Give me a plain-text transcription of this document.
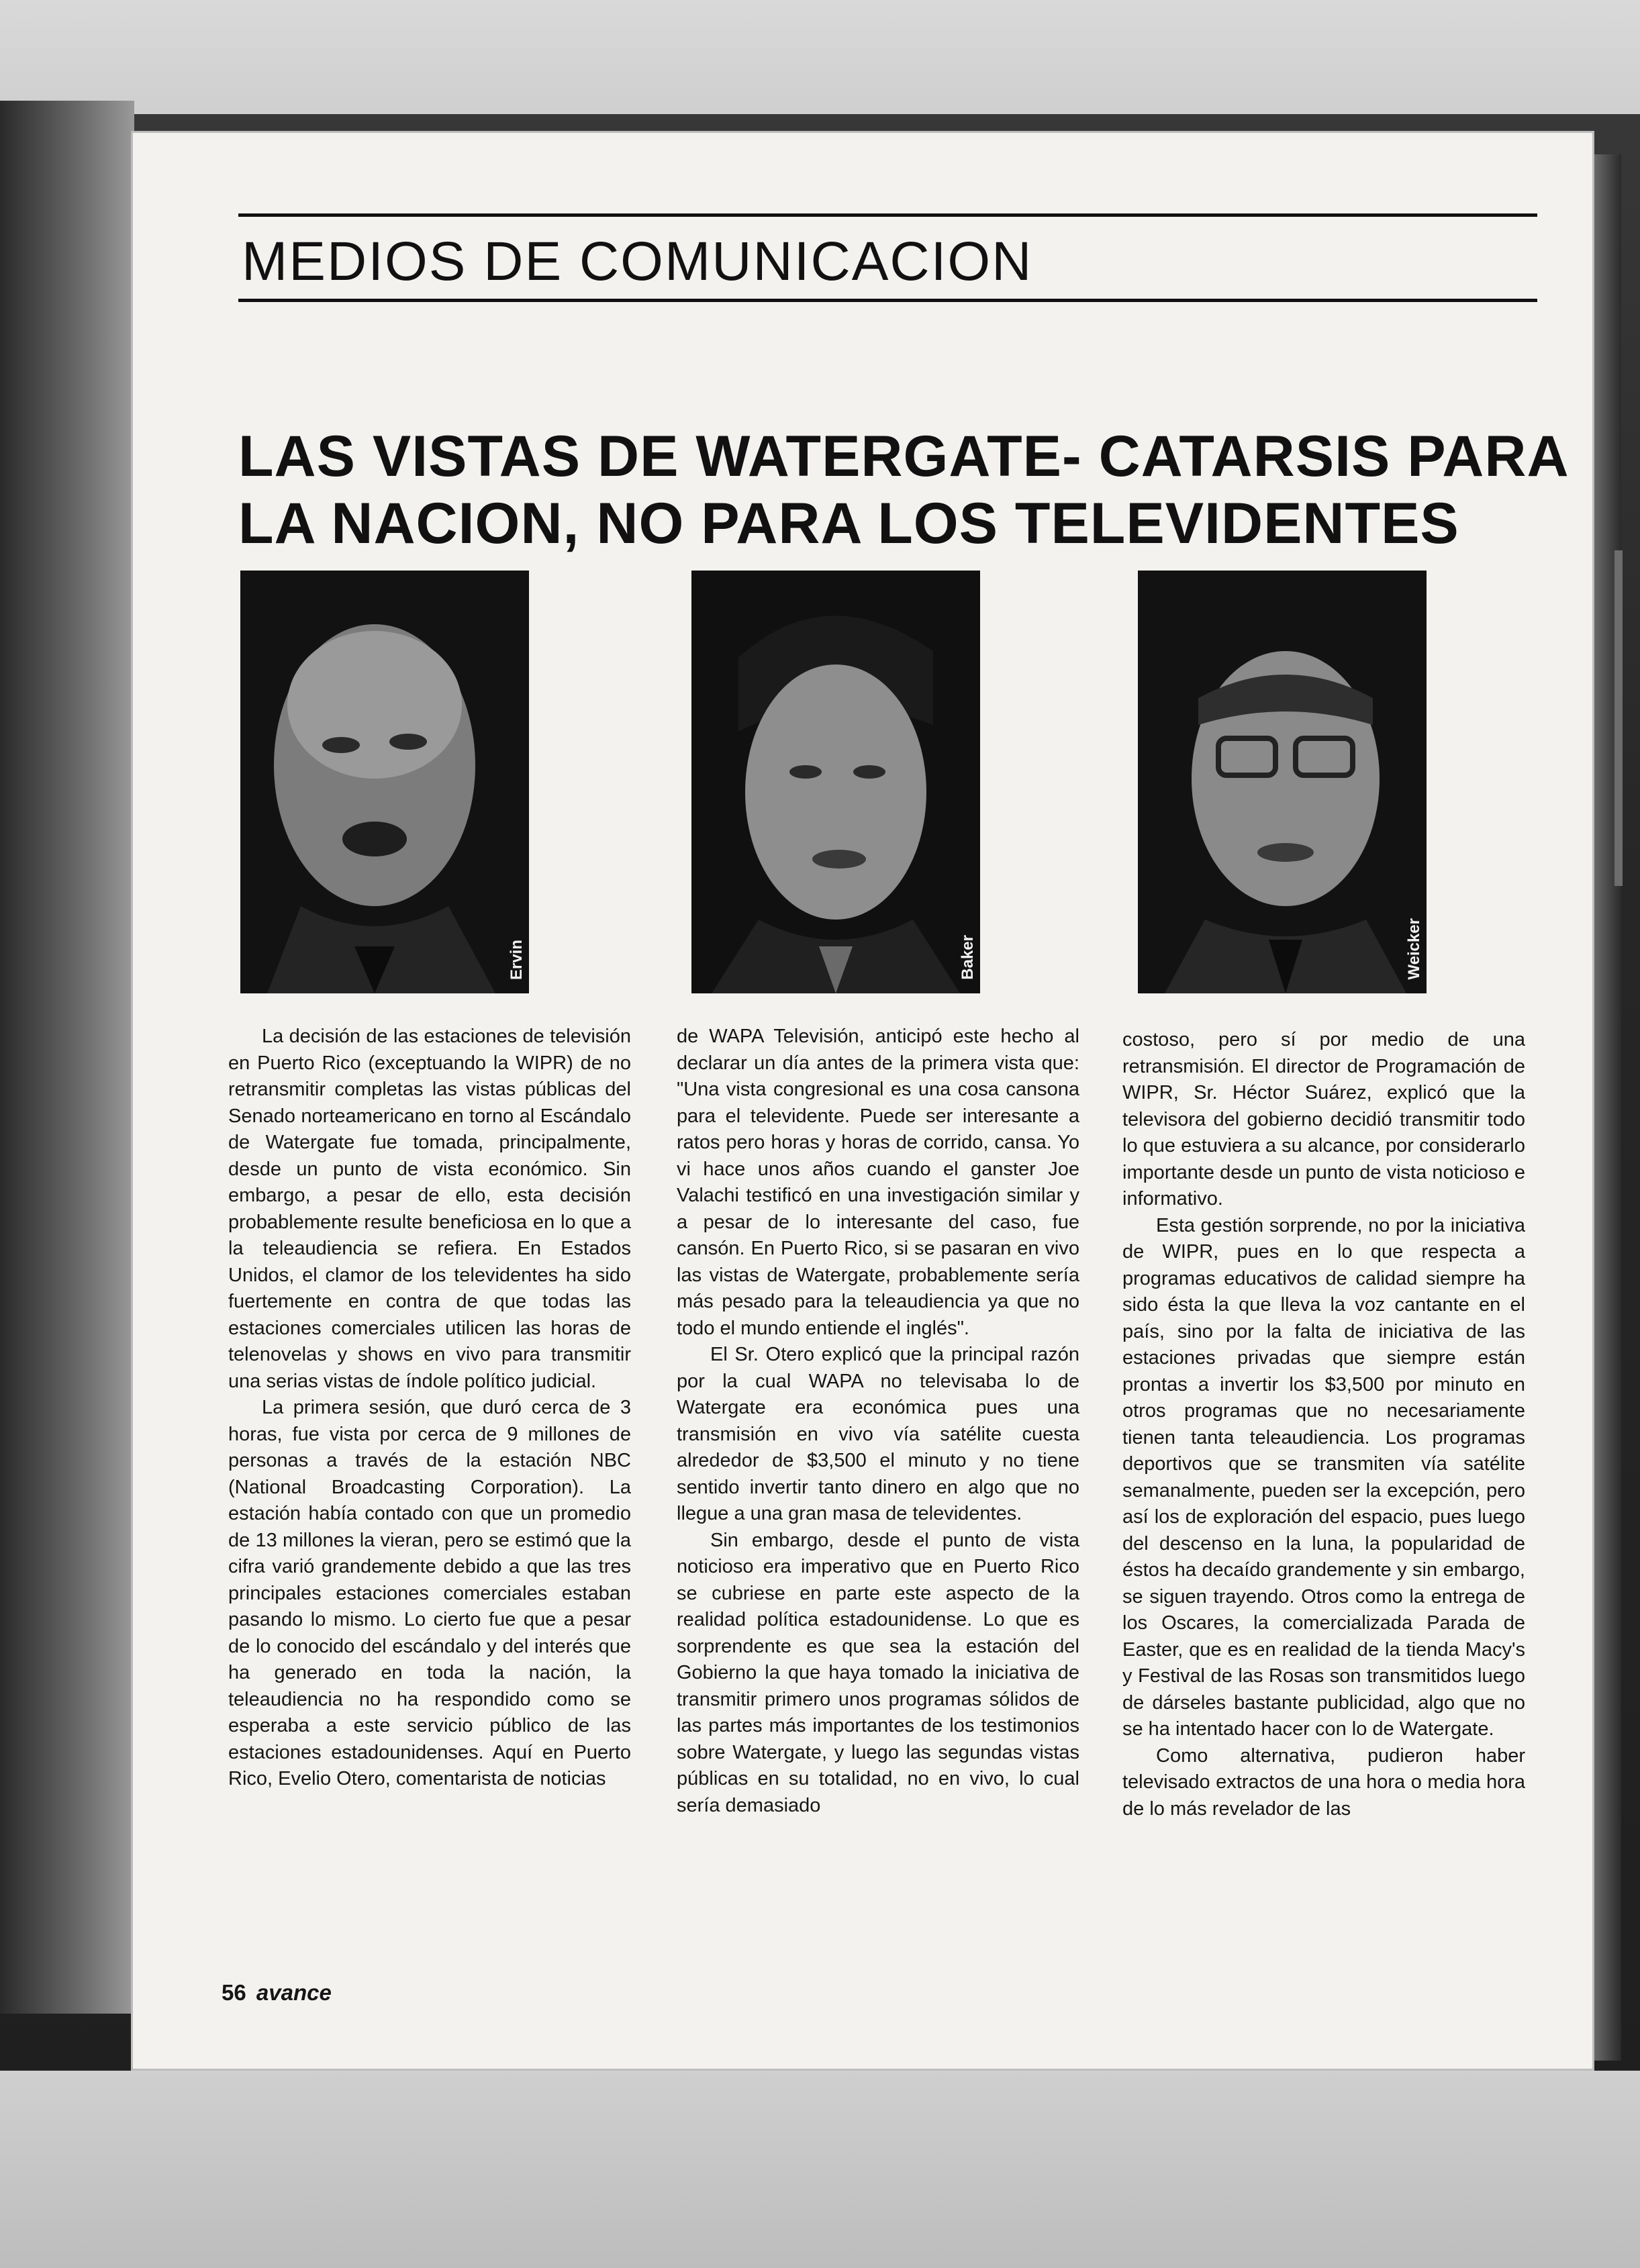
MEDIOS DE COMUNICACION
LAS VISTAS DE WATERGATE- CATARSIS PARA
LA NACION, NO PARA LOS TELEVIDENTES
Ervin	Baker	Weicker

La decisión de las estaciones de televisión en Puerto Rico (exceptuando la WIPR) de no retransmitir completas las vistas públicas del Senado norteamericano en torno al Escándalo de Watergate fue tomada, principalmente, desde un punto de vista económico. Sin embargo, a pesar de ello, esta decisión probablemente resulte beneficiosa en lo que a la teleaudiencia se refiera. En Estados Unidos, el clamor de los televidentes ha sido fuertemente en contra de que todas las estaciones comerciales utilicen las horas de telenovelas y shows en vivo para transmitir una serias vistas de índole político judicial.

La primera sesión, que duró cerca de 3 horas, fue vista por cerca de 9 millones de personas a través de la estación NBC (National Broadcasting Corporation). La estación había contado con que un promedio de 13 millones la vieran, pero se estimó que la cifra varió grandemente debido a que las tres principales estaciones comerciales estaban pasando lo mismo. Lo cierto fue que a pesar de lo conocido del escándalo y del interés que ha generado en toda la nación, la teleaudiencia no ha respondido como se esperaba a este servicio público de las estaciones estadounidenses. Aquí en Puerto Rico, Evelio Otero, comentarista de noticias

de WAPA Televisión, anticipó este hecho al declarar un día antes de la primera vista que: "Una vista congresional es una cosa cansona para el televidente. Puede ser interesante a ratos pero horas y horas de corrido, cansa. Yo vi hace unos años cuando el ganster Joe Valachi testificó en una investigación similar y a pesar de lo interesante del caso, fue cansón. En Puerto Rico, si se pasaran en vivo las vistas de Watergate, probablemente sería más pesado para la teleaudiencia ya que no todo el mundo entiende el inglés".

El Sr. Otero explicó que la principal razón por la cual WAPA no televisaba lo de Watergate era económica pues una transmisión en vivo vía satélite cuesta alrededor de $3,500 el minuto y no tiene sentido invertir tanto dinero en algo que no llegue a una gran masa de televidentes.

Sin embargo, desde el punto de vista noticioso era imperativo que en Puerto Rico se cubriese en parte este aspecto de la realidad política estadounidense. Lo que es sorprendente es que sea la estación del Gobierno la que haya tomado la iniciativa de transmitir primero unos programas sólidos de las partes más importantes de los testimonios sobre Watergate, y luego las segundas vistas públicas en su totalidad, no en vivo, lo cual sería demasiado

costoso, pero sí por medio de una retransmisión. El director de Programación de WIPR, Sr. Héctor Suárez, explicó que la televisora del gobierno decidió transmitir todo lo que estuviera a su alcance, por considerarlo importante desde un punto de vista noticioso e informativo.

Esta gestión sorprende, no por la iniciativa de WIPR, pues en lo que respecta a programas educativos de calidad siempre ha sido ésta la que lleva la voz cantante en el país, sino por la falta de iniciativa de las estaciones privadas que siempre están prontas a invertir los $3,500 por minuto en otros programas que no necesariamente tienen tanta teleaudiencia. Los programas deportivos que se transmiten vía satélite semanalmente, pueden ser la excepción, pero así los de exploración del espacio, pues luego del descenso en la luna, la popularidad de éstos ha decaído grandemente y sin embargo, se siguen trayendo. Otros como la entrega de los Oscares, la comercializada Parada de Easter, que es en realidad de la tienda Macy's y Festival de las Rosas son transmitidos luego de dárseles bastante publicidad, algo que no se ha intentado hacer con lo de Watergate.

Como alternativa, pudieron haber televisado extractos de una hora o media hora de lo más revelador de las

56 avance
